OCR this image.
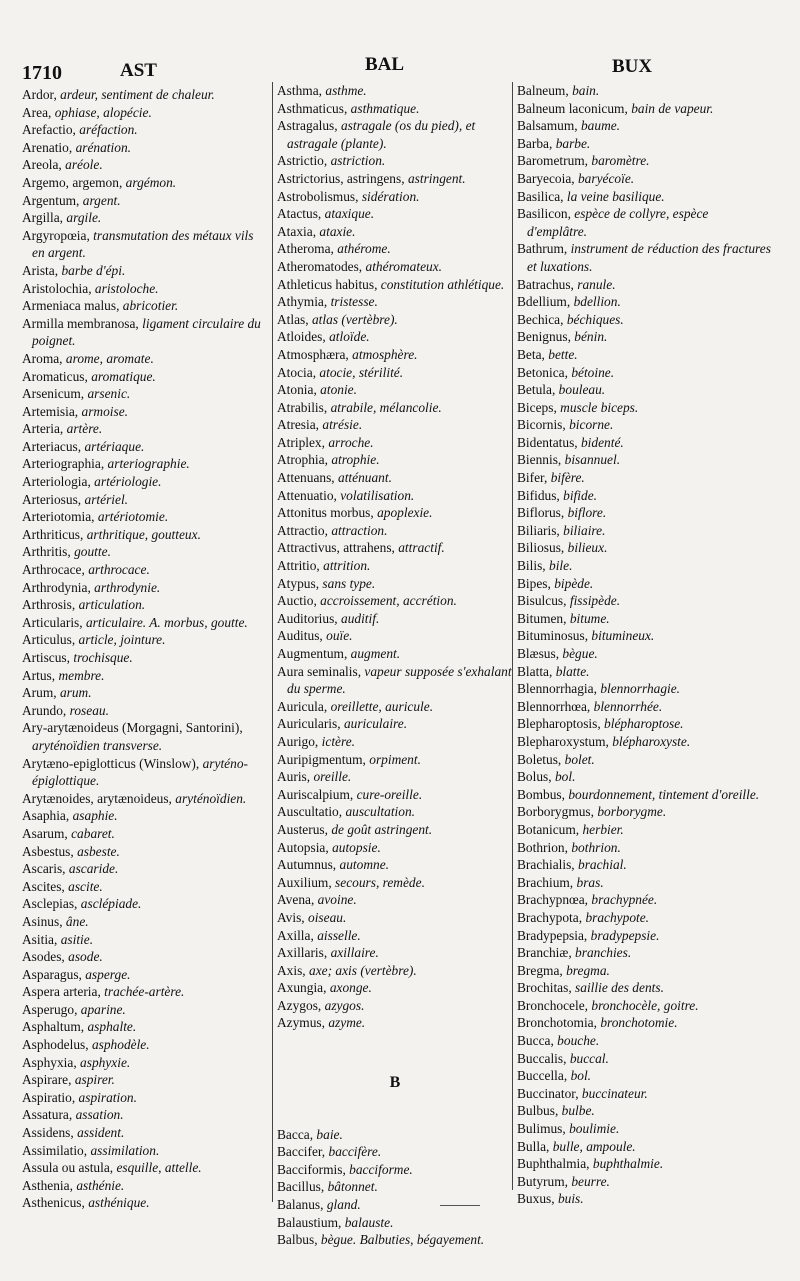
1710	AST	BAL	BUX
Ardor, ardeur, sentiment de chaleur.
Area, ophiase, alopécie.
Arefactio, aréfaction.
Arenatio, arénation.
Areola, aréole.
Argemo, argemon, argémon.
Argentum, argent.
Argilla, argile.
Argyropœia, transmutation des métaux vils en argent.
Arista, barbe d'épi.
Aristolochia, aristoloche.
Armeniaca malus, abricotier.
Armilla membranosa, ligament circulaire du poignet.
Aroma, arome, aromate.
Aromaticus, aromatique.
Arsenicum, arsenic.
Artemisia, armoise.
Arteria, artère.
Arteriacus, artériaque.
Arteriographia, arteriographie.
Arteriologia, artériologie.
Arteriosus, artériel.
Arteriotomia, artériotomie.
Arthriticus, arthritique, goutteux.
Arthritis, goutte.
Arthrocace, arthrocace.
Arthrodynia, arthrodynie.
Arthrosis, articulation.
Articularis, articulaire. A. morbus, goutte.
Articulus, article, jointure.
Artiscus, trochisque.
Artus, membre.
Arum, arum.
Arundo, roseau.
Ary-arytænoideus (Morgagni, Santorini), aryténoïdien transverse.
Arytæno-epiglotticus (Winslow), aryténo-épiglottique.
Arytænoides, arytænoideus, aryténoïdien.
Asaphia, asaphie.
Asarum, cabaret.
Asbestus, asbeste.
Ascaris, ascaride.
Ascites, ascite.
Asclepias, asclépiade.
Asinus, âne.
Asitia, asitie.
Asodes, asode.
Asparagus, asperge.
Aspera arteria, trachée-artère.
Asperugo, aparine.
Asphaltum, asphalte.
Asphodelus, asphodèle.
Asphyxia, asphyxie.
Aspirare, aspirer.
Aspiratio, aspiration.
Assatura, assation.
Assidens, assident.
Assimilatio, assimilation.
Assula ou astula, esquille, attelle.
Asthenia, asthénie.
Asthenicus, asthénique.
Asthma, asthme.
Asthmaticus, asthmatique.
Astragalus, astragale (os du pied), et astragale (plante).
Astrictio, astriction.
Astrictorius, astringens, astringent.
Astrobolismus, sidération.
Atactus, ataxique.
Ataxia, ataxie.
Atheroma, athérome.
Atheromatodes, athéromateux.
Athleticus habitus, constitution athlétique.
Athymia, tristesse.
Atlas, atlas (vertèbre).
Atloides, atloïde.
Atmosphæra, atmosphère.
Atocia, atocie, stérilité.
Atonia, atonie.
Atrabilis, atrabile, mélancolie.
Atresia, atrésie.
Atriplex, arroche.
Atrophia, atrophie.
Attenuans, atténuant.
Attenuatio, volatilisation.
Attonitus morbus, apoplexie.
Attractio, attraction.
Attractivus, attrahens, attractif.
Attritio, attrition.
Atypus, sans type.
Auctio, accroissement, accrétion.
Auditorius, auditif.
Auditus, ouïe.
Augmentum, augment.
Aura seminalis, vapeur supposée s'exhalant du sperme.
Auricula, oreillette, auricule.
Auricularis, auriculaire.
Aurigo, ictère.
Auripigmentum, orpiment.
Auris, oreille.
Auriscalpium, cure-oreille.
Auscultatio, auscultation.
Austerus, de goût astringent.
Autopsia, autopsie.
Autumnus, automne.
Auxilium, secours, remède.
Avena, avoine.
Avis, oiseau.
Axilla, aisselle.
Axillaris, axillaire.
Axis, axe; axis (vertèbre).
Axungia, axonge.
Azygos, azygos.
Azymus, azyme.
B
Bacca, baie.
Baccifer, baccifère.
Bacciformis, bacciforme.
Bacillus, bâtonnet.
Balanus, gland.
Balaustium, balauste.
Balbus, bègue. Balbuties, bégayement.
Balneum, bain.
Balneum laconicum, bain de vapeur.
Balsamum, baume.
Barba, barbe.
Barometrum, baromètre.
Baryecoia, baryécoïe.
Basilica, la veine basilique.
Basilicon, espèce de collyre, espèce d'emplâtre.
Bathrum, instrument de réduction des fractures et luxations.
Batrachus, ranule.
Bdellium, bdellion.
Bechica, béchiques.
Benignus, bénin.
Beta, bette.
Betonica, bétoine.
Betula, bouleau.
Biceps, muscle biceps.
Bicornis, bicorne.
Bidentatus, bidenté.
Biennis, bisannuel.
Bifer, bifère.
Bifidus, bifide.
Biflorus, biflore.
Biliaris, biliaire.
Biliosus, bilieux.
Bilis, bile.
Bipes, bipède.
Bisulcus, fissipède.
Bitumen, bitume.
Bituminosus, bitumineux.
Blæsus, bègue.
Blatta, blatte.
Blennorrhagia, blennorrhagie.
Blennorrhœa, blennorrhée.
Blepharoptosis, blépharoptose.
Blepharoxystum, blépharoxyste.
Boletus, bolet.
Bolus, bol.
Bombus, bourdonnement, tintement d'oreille.
Borborygmus, borborygme.
Botanicum, herbier.
Bothrion, bothrion.
Brachialis, brachial.
Brachium, bras.
Brachypnœa, brachypnée.
Brachypota, brachypote.
Bradypepsia, bradypepsie.
Branchiæ, branchies.
Bregma, bregma.
Brochitas, saillie des dents.
Bronchocele, bronchocèle, goitre.
Bronchotomia, bronchotomie.
Bucca, bouche.
Buccalis, buccal.
Buccella, bol.
Buccinator, buccinateur.
Bulbus, bulbe.
Bulimus, boulimie.
Bulla, bulle, ampoule.
Buphthalmia, buphthalmie.
Butyrum, beurre.
Buxus, buis.
